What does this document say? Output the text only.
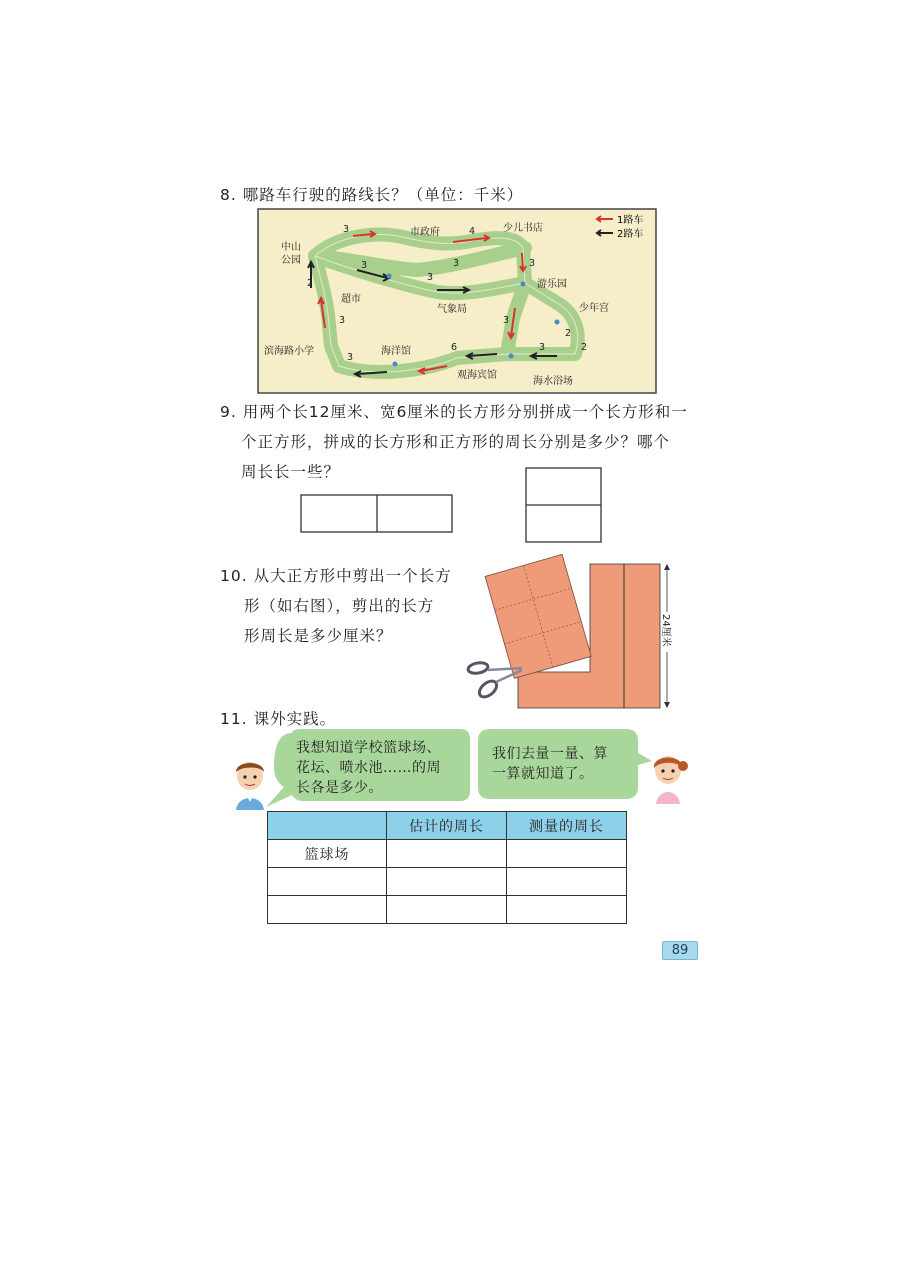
8. 哪路车行驶的路线长？（单位：千米）
1路车
2路车
中山
公园
市政府	少儿书店
游乐园
少年宫
超市
气象局
滨海路小学	海洋馆
观海宾馆
海水浴场
3	4
3
3
3
3
2
3	3
2
2
3
6
3
9. 用两个长12厘米、宽6厘米的长方形分别拼成一个长方形和一
个正方形，拼成的长方形和正方形的周长分别是多少？哪个
周长长一些？
10. 从大正方形中剪出一个长方
形（如右图），剪出的长方
形周长是多少厘米？	24厘米
11. 课外实践。
我想知道学校篮球场、
花坛、喷水池……的周
长各是多少。
我们去量一量、算
一算就知道了。
	估计的周长	测量的周长
篮球场		

89
